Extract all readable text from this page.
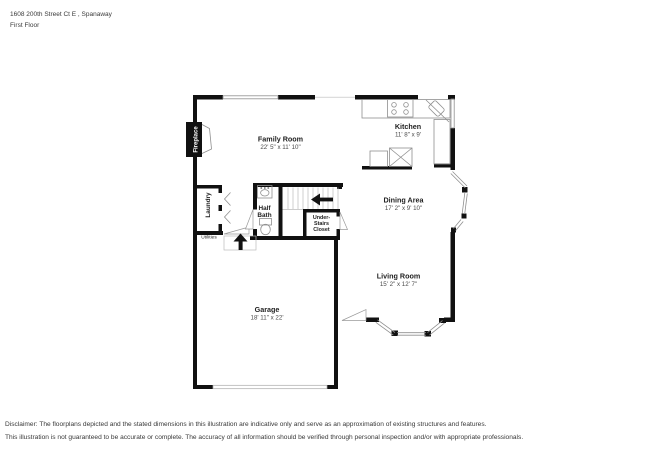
1608 200th Street Ct E , Spanaway
First Floor
Fireplace	Family Room
22' 5" x 11' 10"
Kitchen
11' 8" x 9'
Dining Area
17' 2" x 9' 10"
Living Room
15' 2" x 12' 7"
Garage
18' 11" x 22'
Half
Bath	Under-
Stairs
Closet
Laundry
Utilities
Disclaimer: The floorplans depicted and the stated dimensions in this illustration are indicative only and serve as an approximation of existing structures and features.
This illustration is not guaranteed to be accurate or complete. The accuracy of all information should be verified through personal inspection and/or with appropriate professionals.
